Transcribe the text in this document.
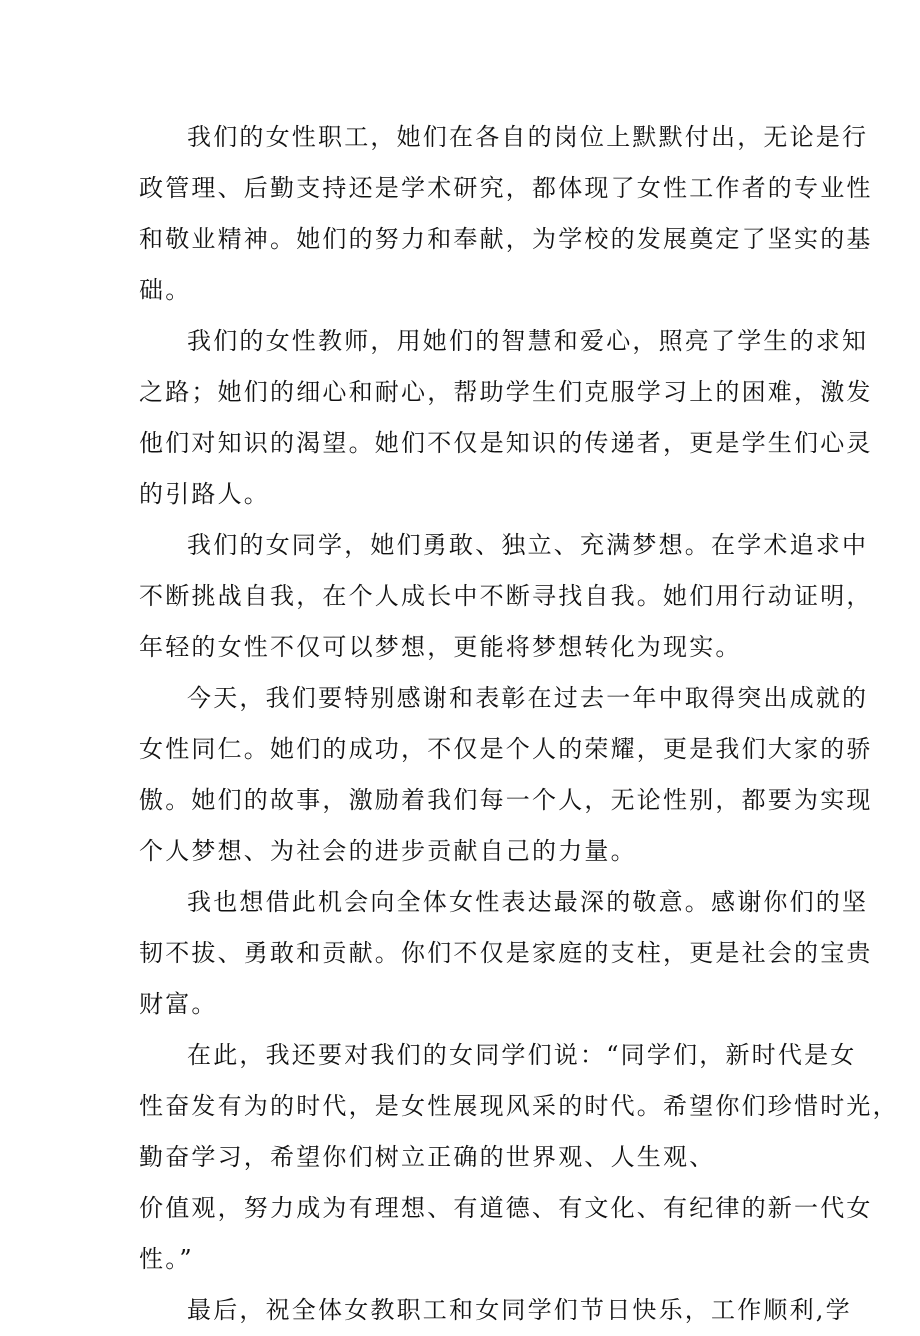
我们的女性职工，她们在各自的岗位上默默付出，无论是行
政管理、后勤支持还是学术研究，都体现了女性工作者的专业性
和敬业精神。她们的努力和奉献，为学校的发展奠定了坚实的基
础。
我们的女性教师，用她们的智慧和爱心，照亮了学生的求知
之路；她们的细心和耐心，帮助学生们克服学习上的困难，激发
他们对知识的渴望。她们不仅是知识的传递者，更是学生们心灵
的引路人。
我们的女同学，她们勇敢、独立、充满梦想。在学术追求中
不断挑战自我，在个人成长中不断寻找自我。她们用行动证明，
年轻的女性不仅可以梦想，更能将梦想转化为现实。
今天，我们要特别感谢和表彰在过去一年中取得突出成就的
女性同仁。她们的成功，不仅是个人的荣耀，更是我们大家的骄
傲。她们的故事，激励着我们每一个人，无论性别，都要为实现
个人梦想、为社会的进步贡献自己的力量。
我也想借此机会向全体女性表达最深的敬意。感谢你们的坚
韧不拔、勇敢和贡献。你们不仅是家庭的支柱，更是社会的宝贵
财富。
在此，我还要对我们的女同学们说：“同学们，新时代是女
性奋发有为的时代，是女性展现风采的时代。希望你们珍惜时光，
勤奋学习，希望你们树立正确的世界观、人生观、
价值观，努力成为有理想、有道德、有文化、有纪律的新一代女
性。”
最后，祝全体女教职工和女同学们节日快乐，工作顺利,学
